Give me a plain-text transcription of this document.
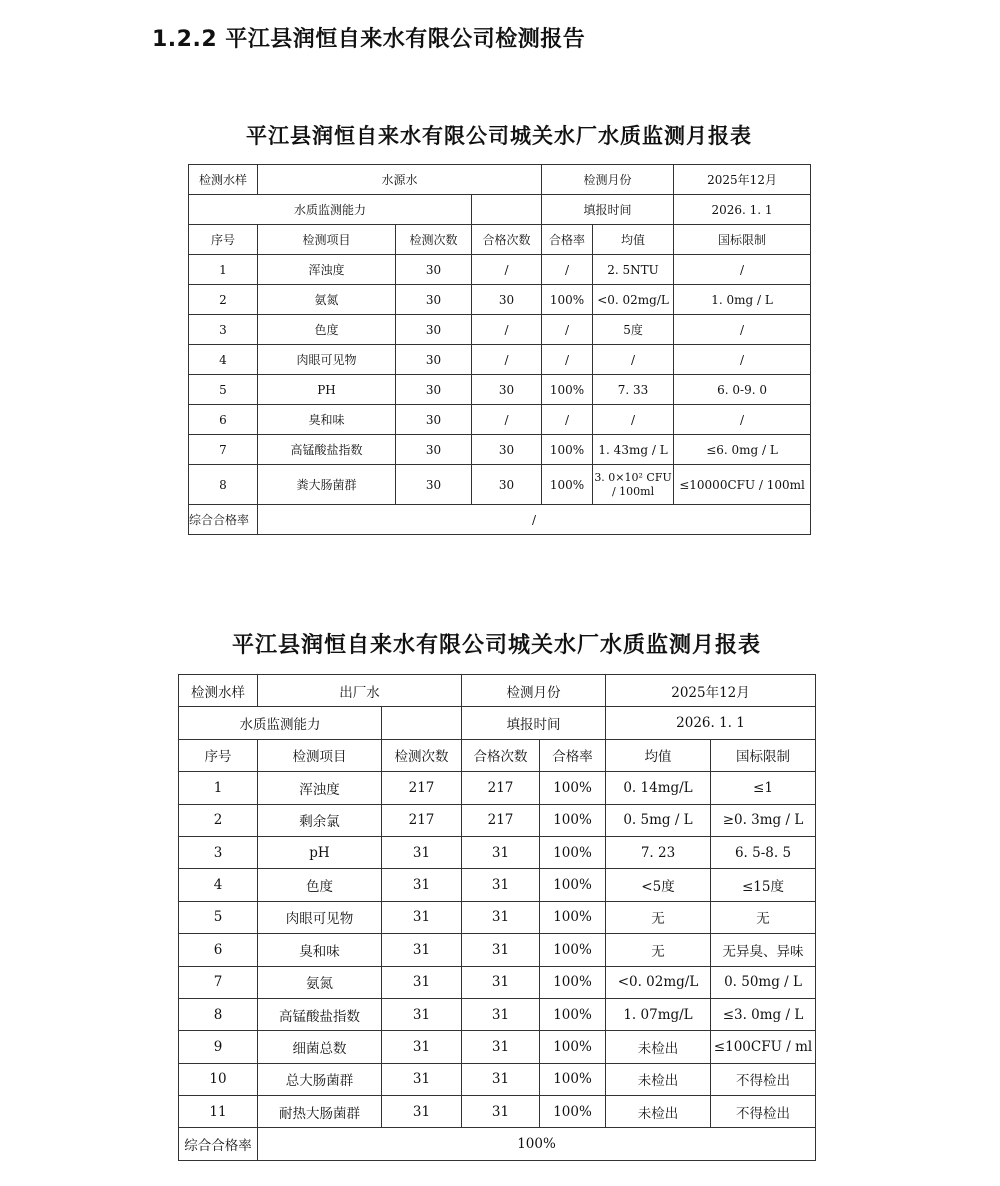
1.2.2 平江县润恒自来水有限公司检测报告
平江县润恒自来水有限公司城关水厂水质监测月报表
检测水样	水源水			检测月份		2025年12月
水质监测能力				填报时间		2026. 1. 1
序号	检测项目	检测次数	合格次数	合格率	均值	国标限制
1	浑浊度	30	/	/	2. 5NTU	/
2	氨氮	30	30	100%	<0. 02mg/L	1. 0mg / L
3	色度	30	/	/	5度	/
4	肉眼可见物	30	/	/	/	/
5	PH	30	30	100%	7. 33	6. 0-9. 0
6	臭和味	30	/	/	/	/
7	高锰酸盐指数	30	30	100%	1. 43mg / L	≤6. 0mg / L
8	粪大肠菌群	30	30	100%	3. 0×10² CFU / 100ml	≤10000CFU / 100ml
综合合格率	/					
平江县润恒自来水有限公司城关水厂水质监测月报表
检测水样	出厂水		检测月份		2025年12月	
水质监测能力			填报时间		2026. 1. 1	
序号	检测项目	检测次数	合格次数	合格率	均值	国标限制
1	浑浊度	217	217	100%	0. 14mg/L	≤1
2	剩余氯	217	217	100%	0. 5mg / L	≥0. 3mg / L
3	pH	31	31	100%	7. 23	6. 5-8. 5
4	色度	31	31	100%	<5度	≤15度
5	肉眼可见物	31	31	100%	无	无
6	臭和味	31	31	100%	无	无异臭、异味
7	氨氮	31	31	100%	<0. 02mg/L	0. 50mg / L
8	高锰酸盐指数	31	31	100%	1. 07mg/L	≤3. 0mg / L
9	细菌总数	31	31	100%	未检出	≤100CFU / ml
10	总大肠菌群	31	31	100%	未检出	不得检出
11	耐热大肠菌群	31	31	100%	未检出	不得检出
综合合格率	100%					
